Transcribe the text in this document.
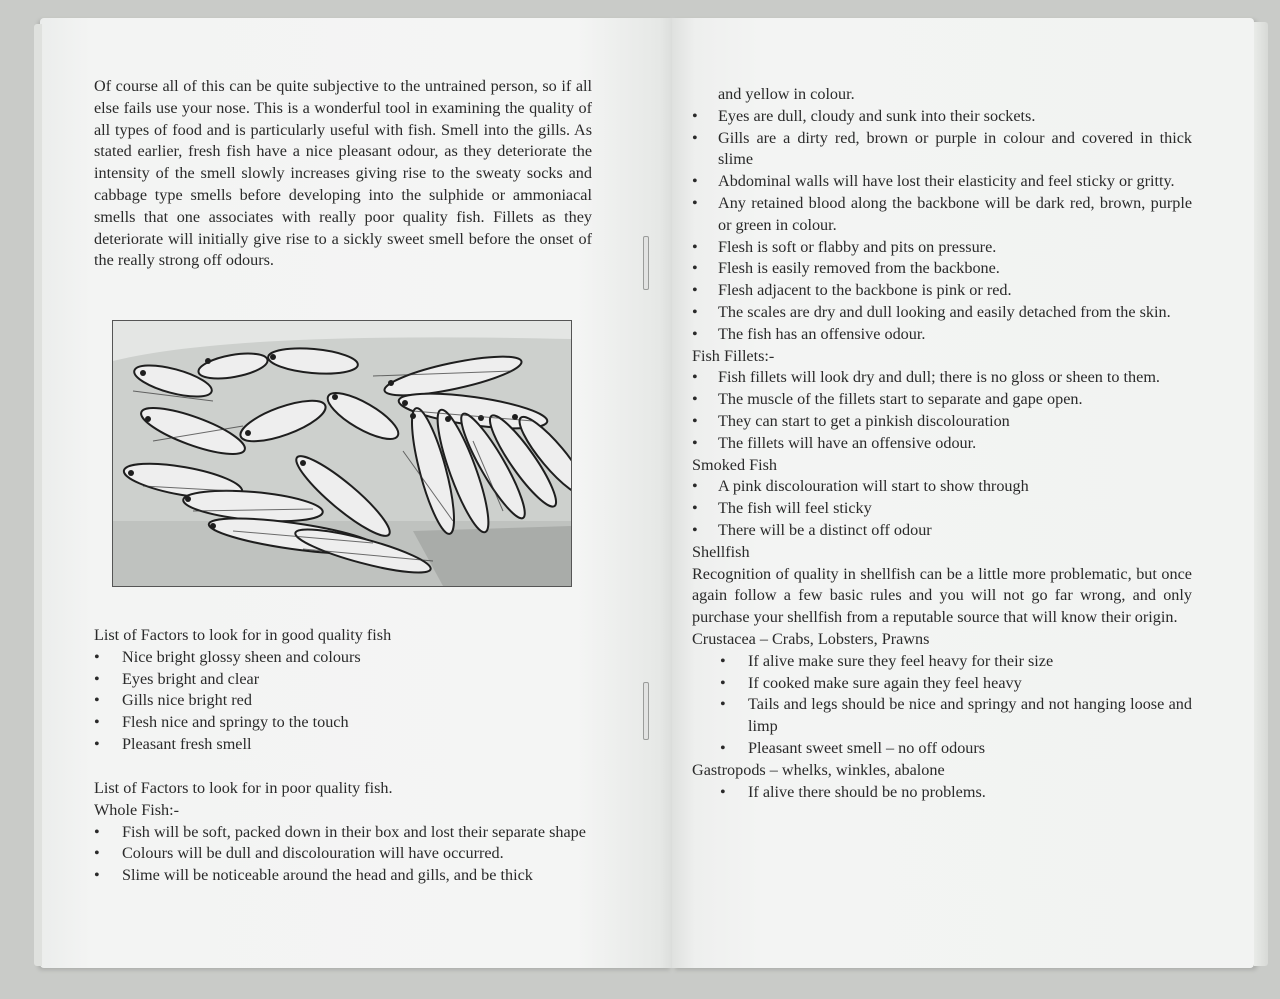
Of course all of this can be quite subjective to the untrained person, so if all else fails use your nose. This is a wonderful tool in examining the quality of all types of food and is particularly useful with fish. Smell into the gills. As stated earlier, fresh fish have a nice pleasant odour, as they deteriorate the intensity of the smell slowly increases giving rise to the sweaty socks and cabbage type smells before developing into the sulphide or ammoniacal smells that one associates with really poor quality fish. Fillets as they deteriorate will initially give rise to a sickly sweet smell before the onset of the really strong off odours.

List of Factors to look for in good quality fish
• Nice bright glossy sheen and colours
• Eyes bright and clear
• Gills nice bright red
• Flesh nice and springy to the touch
• Pleasant fresh smell
List of Factors to look for in poor quality fish.
Whole Fish:-
• Fish will be soft, packed down in their box and lost their separate shape
• Colours will be dull and discolouration will have occurred.
• Slime will be noticeable around the head and gills, and be thick
and yellow in colour.
• Eyes are dull, cloudy and sunk into their sockets.
• Gills are a dirty red, brown or purple in colour and covered in thick slime
• Abdominal walls will have lost their elasticity and feel sticky or gritty.
• Any retained blood along the backbone will be dark red, brown, purple or green in colour.
• Flesh is soft or flabby and pits on pressure.
• Flesh is easily removed from the backbone.
• Flesh adjacent to the backbone is pink or red.
• The scales are dry and dull looking and easily detached from the skin.
• The fish has an offensive odour.
Fish Fillets:-
• Fish fillets will look dry and dull; there is no gloss or sheen to them.
• The muscle of the fillets start to separate and gape open.
• They can start to get a pinkish discolouration
• The fillets will have an offensive odour.
Smoked Fish
• A pink discolouration will start to show through
• The fish will feel sticky
• There will be a distinct off odour
Shellfish
Recognition of quality in shellfish can be a little more problematic, but once again follow a few basic rules and you will not go far wrong, and only purchase your shellfish from a reputable source that will know their origin.
Crustacea – Crabs, Lobsters, Prawns
• If alive make sure they feel heavy for their size
• If cooked make sure again they feel heavy
• Tails and legs should be nice and springy and not hanging loose and limp
• Pleasant sweet smell – no off odours
Gastropods – whelks, winkles, abalone
• If alive there should be no problems.
